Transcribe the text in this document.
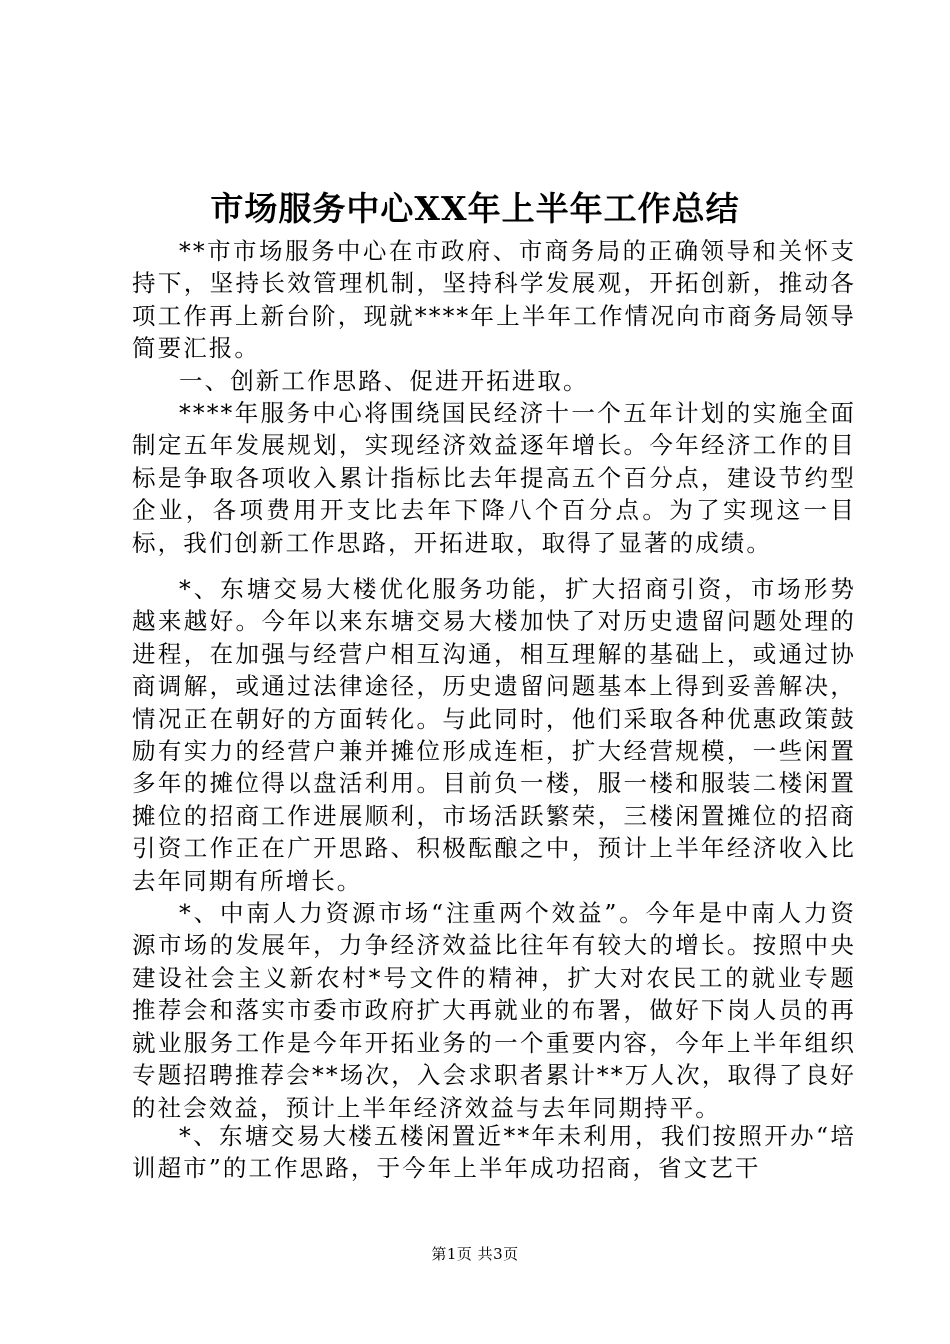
市场服务中心XX年上半年工作总结

**市市场服务中心在市政府、市商务局的正确领导和关怀支持下，坚持长效管理机制，坚持科学发展观，开拓创新，推动各项工作再上新台阶，现就****年上半年工作情况向市商务局领导简要汇报。

一、创新工作思路、促进开拓进取。

****年服务中心将围绕国民经济十一个五年计划的实施全面制定五年发展规划，实现经济效益逐年增长。今年经济工作的目标是争取各项收入累计指标比去年提高五个百分点，建设节约型企业，各项费用开支比去年下降八个百分点。为了实现这一目标，我们创新工作思路，开拓进取，取得了显著的成绩。

*、东塘交易大楼优化服务功能，扩大招商引资，市场形势越来越好。今年以来东塘交易大楼加快了对历史遗留问题处理的进程，在加强与经营户相互沟通，相互理解的基础上，或通过协商调解，或通过法律途径，历史遗留问题基本上得到妥善解决，情况正在朝好的方面转化。与此同时，他们采取各种优惠政策鼓励有实力的经营户兼并摊位形成连柜，扩大经营规模，一些闲置多年的摊位得以盘活利用。目前负一楼，服一楼和服装二楼闲置摊位的招商工作进展顺利，市场活跃繁荣，三楼闲置摊位的招商引资工作正在广开思路、积极酝酿之中，预计上半年经济收入比去年同期有所增长。

*、中南人力资源市场“注重两个效益”。今年是中南人力资源市场的发展年，力争经济效益比往年有较大的增长。按照中央建设社会主义新农村*号文件的精神，扩大对农民工的就业专题推荐会和落实市委市政府扩大再就业的布署，做好下岗人员的再就业服务工作是今年开拓业务的一个重要内容，今年上半年组织专题招聘推荐会**场次，入会求职者累计**万人次，取得了良好的社会效益，预计上半年经济效益与去年同期持平。

*、东塘交易大楼五楼闲置近**年未利用，我们按照开办“培训超市”的工作思路，于今年上半年成功招商，省文艺干

第1页 共3页
